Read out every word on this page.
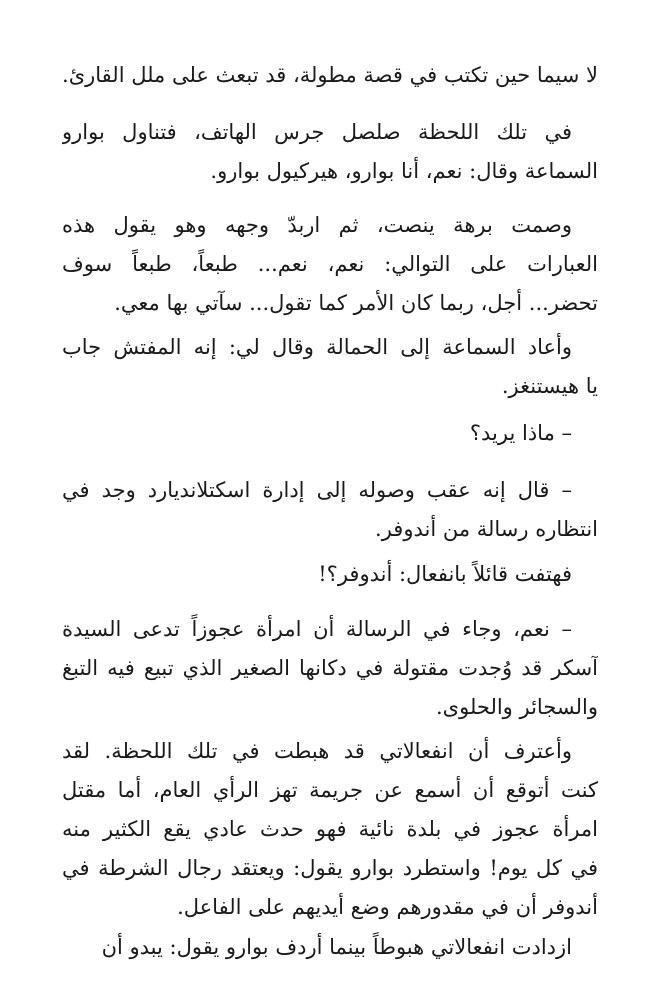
لا سيما حين تكتب في قصة مطولة، قد تبعث على ملل القارئ.
في تلك اللحظة صلصل جرس الهاتف، فتناول بوارو
السماعة وقال: نعم، أنا بوارو، هيركيول بوارو.
وصمت برهة ينصت، ثم اربدّ وجهه وهو يقول هذه
العبارات على التوالي: نعم، نعم... طبعاً، طبعاً سوف
تحضر... أجل، ربما كان الأمر كما تقول... سآتي بها معي.
وأعاد السماعة إلى الحمالة وقال لي: إنه المفتش جاب
يا هيستنغز.
– ماذا يريد؟
– قال إنه عقب وصوله إلى إدارة اسكتلانديارد وجد في
انتظاره رسالة من أندوفر.
فهتفت قائلاً بانفعال: أندوفر؟!
– نعم، وجاء في الرسالة أن امرأة عجوزاً تدعى السيدة
آسكر قد وُجدت مقتولة في دكانها الصغير الذي تبيع فيه التبغ
والسجائر والحلوى.
وأعترف أن انفعالاتي قد هبطت في تلك اللحظة. لقد
كنت أتوقع أن أسمع عن جريمة تهز الرأي العام، أما مقتل
امرأة عجوز في بلدة نائية فهو حدث عادي يقع الكثير منه
في كل يوم! واستطرد بوارو يقول: ويعتقد رجال الشرطة في
أندوفر أن في مقدورهم وضع أيديهم على الفاعل.
ازدادت انفعالاتي هبوطاً بينما أردف بوارو يقول: يبدو أن
